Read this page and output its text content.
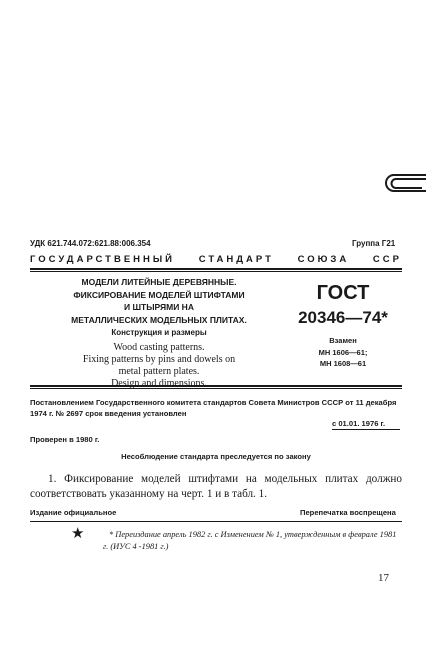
УДК 621.744.072:621.88:006.354	Группа Г21
ГОСУДАРСТВЕННЫЙ СТАНДАРТ СОЮЗА ССР
МОДЕЛИ ЛИТЕЙНЫЕ ДЕРЕВЯННЫЕ.
ФИКСИРОВАНИЕ МОДЕЛЕЙ ШТИФТАМИ
И ШТЫРЯМИ НА
МЕТАЛЛИЧЕСКИХ МОДЕЛЬНЫХ ПЛИТАХ.
Конструкция и размеры
Wood casting patterns.
Fixing patterns by pins and dowels on
metal pattern plates.
Design and dimensions.
ГОСТ
20346—74*
Взамен
МН 1606—61;
МН 1608—61
Постановлением Государственного комитета стандартов Совета Министров СССР от 11 декабря 1974 г. № 2697 срок введения установлен
с 01.01. 1976 г.
Проверен в 1980 г.
Несоблюдение стандарта преследуется по закону
1. Фиксирование моделей штифтами на модельных плитах должно соответствовать указанному на черт. 1 и в табл. 1.
Издание официальное	Перепечатка воспрещена
★	* Переиздание апрель 1982 г. с Изменением № 1, утвержденным в феврале 1981 г. (ИУС 4 -1981 г.)
17
